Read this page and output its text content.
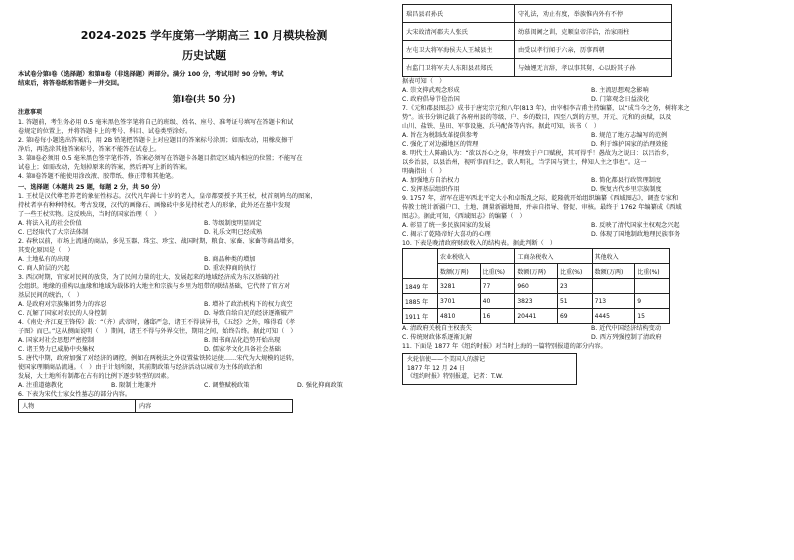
2024-2025 学年度第一学期高三 10 月模块检测
历史试题
本试卷分第Ⅰ卷（选择题）和第Ⅱ卷（非选择题）两部分。满分 100 分，考试用时 90 分钟。考试
结束后，将答卷纸和答题卡一并交回。
第Ⅰ卷(共 50 分)
注意事项
1. 答题前，考生务必用 0.5 毫米黑色签字笔将自己的班级、姓名、座号、准考证号填写在答题卡和试
卷规定的位置上，并将答题卡上的考号、科目、试卷类型涂好。
2. 第Ⅰ卷每小题选出答案后，用 2B 铅笔把答题卡上对应题目的答案标号涂黑；如需改动，用橡皮擦干
净后，再选涂其他答案标号，答案不能答在试卷上。
3. 第Ⅱ卷必须用 0.5 毫米黑色签字笔作答，答案必须写在答题卡各题目指定区域内相应的位置；不能写在
试卷上；如需改动，先划掉原来的答案，然后再写上新的答案。
4. 第Ⅱ卷答题不能使用涂改液、胶带纸、修正带和其他笔。
一、选择题（本题共 25 题，每题 2 分，共 50 分）
1. 王杖是汉代尊老养老的象征性标志。汉代凡年满七十岁的老人，皇帝都要授予其王杖，杖首刻鸠鸟的图案，
持杖者享有种种特权。考古发现，汉代的画像石、画像砖中多见持杖老人的形象，此外还在墓中发现
了一些王杖实物。这反映出，当时的国家治理（　）
A. 将法入礼的社会价值	B. 等级制度明显固定
C. 已经取代了大宗法体制	D. 礼乐文明已经成熟
2. 春秋以前，市场上流通的商品，多见玉器、珠宝、珍宝、战国时期，粮食、家畜、家畜等商品增多，
其变化原因是（　）
A. 土地私有的出现	B. 商品种类的增加
C. 商人阶层的兴起	D. 重农抑商的执行
3. 西汉时期，官家对民间的放贷，为了民间力量的壮大，发展起来的地域经济成为东汉基础的社
会组织。地缘的重构以血缘和地域为载体的大地主和宗族与乡里为纽带的联结基础，它代替了官方对
基层民间的统治，（　）
A. 是政府对宗族集团势力的容忍	B. 增补了政治机构下的权力真空
C. 瓦解了国家对农民的人身控制	D. 导致自给自足的经济逐渐破产
4.《南史·齐江夏王锋传》载：“（齐）武帝时，藩邸严急，诸王不得读异书，《五经》之外，唯得看《孝
子图》而已。”这从侧面说明（　）期间，诸王不得与外界交往，期用之间，始终告终。据此可知（　）
A. 国家对社会思想严密控制	B. 图书商品化趋势开始出现
C. 诸王势力已威胁中央集权	D. 儒家孝文化具备社会基础
5. 唐代中期，政府加强了对经济的调控，例如在两税法之外设置盐铁转运使……宋代为大规模的运转，
使国家理顺商品流通。（　）由于计划所限，其前期政策与经济活动以城市为主体的政治和
发展，大土地所有制都在占有的比例下逐步转型的因素。
A. 注重道德教化	B. 限制土地兼并	C. 调整赋税政策	D. 强化抑商政策
6. 下表为宋代士家女性墓志的部分内容。
人物	内容
瑞昌县君孙氏	守礼法，劝止有度，举族惟内外有不停
大宋故清河郡夫人张氏	幼慕闺阃之训，克顺皇帝洋洽，治家雨柱
左屯卫大将军海侯夫人王城县主	由受以孝行闻于六亲，历事西朝
右监门卫将军夫人东阳县君郑氏	与妯娌无言辞，孝以事其舅，心以盼其子孙
据表可知（　）
A. 崇文抑武观念形成	B. 主流思想观念影响
C. 政府倡导节俭治国	D. 门第观念日益淡化
7.《元和郡县图志》成书于唐宪宗元和八年(813 年)，由宰相李吉甫主持编纂，以“成当今之务，树将来之
势”。该书分镇记载了各府州县的等级、户、乡的数目，四至八到的方里，开元、元和的贡赋，以及
山川、盐铁、垦田、军事设施、兵马配备等内容。据此可知，该书（　）
A. 旨在为税制改革提供参考	B. 规范了地方志编写的范例
C. 强化了对边疆地区的管理	D. 利于维护国家的治理效能
8. 明代土人陈确认为：“欲以吾心之身，毕理致于户口赋税，其可得乎！愚故为之说曰：以吕治乡，
以乡治县，以县治州，视听事而归之，欲人明礼，当学国与贤士，俾知人主之事也”。这一
明确指出（　）
A. 加强地方自治权力	B. 简化都县行政管理制度
C. 发挥基层组织作用	D. 恢复古代乡里宗族制度
9. 1757 年，清军在进军西北平定大小和卓叛乱之际，乾隆就开始组织编纂《西域图志》，调查专家和
传教士统计新疆户口、土地、测量新疆地图，并亲自指导、督促、审核。最终于 1762 年编纂成《西域
图志》。据此可知，《西域图志》的编纂（　）
A. 彰显了统一多民族国家的发展	B. 反映了清代国家主权观念兴起
C. 揭示了乾隆帝好大喜功的心理	D. 体现了国地制政地理民族事务
10. 下表是晚清政府财政收入的结构表。据此判断（　）
	农业税收入		工商杂税收入		其他收入	
	数额(万两)	比重(%)	数额(万两)	比重(%)	数额(万两)	比重(%)
1849 年	3281	77	960	23		
1885 年	3701	40	3823	51	713	9
1911 年	4810	16	20441	69	4445	15
A. 清政府关税自主权丧失	B. 近代中国经济结构变动
C. 传统财政体系逐渐瓦解	D. 西方列强控制了清政府
11. 下面是 1877 年《纽约时报》对当时上海的一篇特别报道的部分内容。
火轮信使——个美国人的游记
1877 年 12 月 24 日
《纽约时报》特别报道，记者：T.W.
